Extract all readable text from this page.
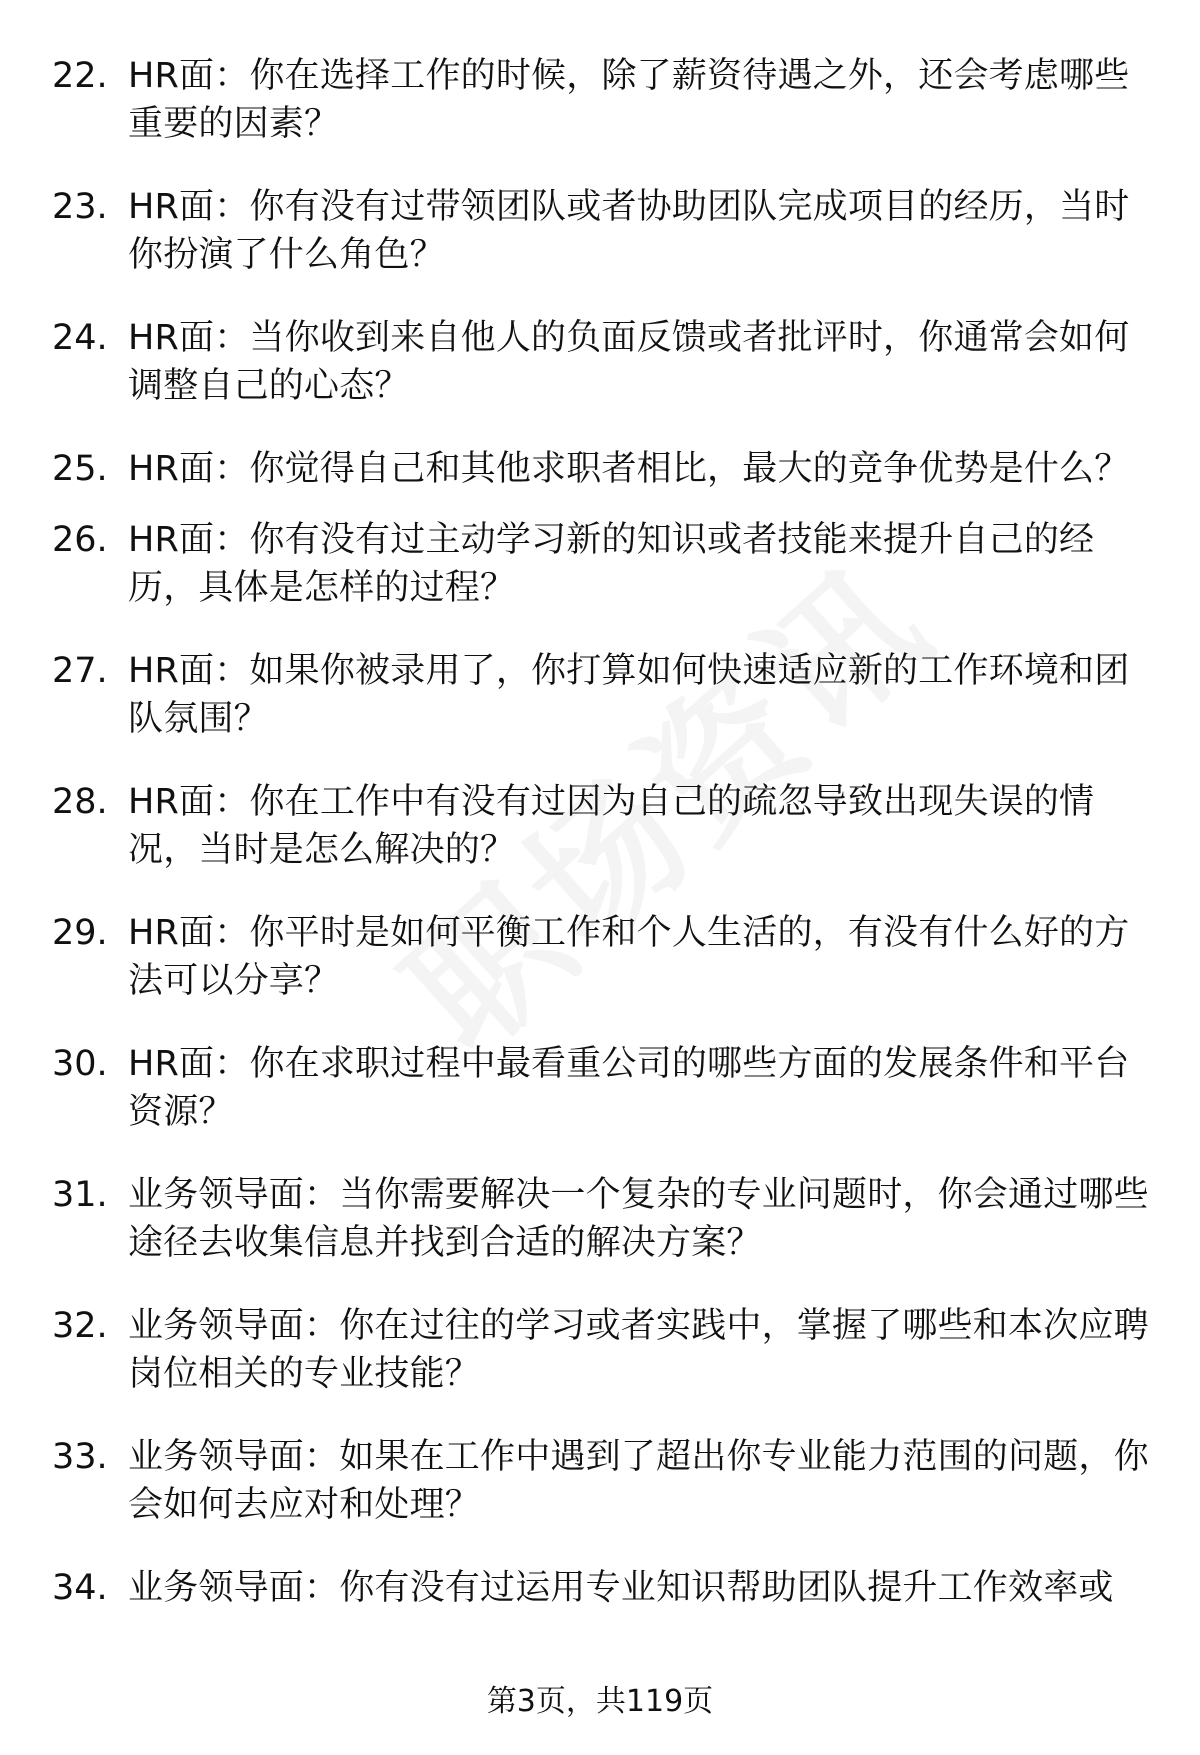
22. HR面：你在选择工作的时候，除了薪资待遇之外，还会考虑哪些重要的因素？
23. HR面：你有没有过带领团队或者协助团队完成项目的经历，当时你扮演了什么角色？
24. HR面：当你收到来自他人的负面反馈或者批评时，你通常会如何调整自己的心态？
25. HR面：你觉得自己和其他求职者相比，最大的竞争优势是什么？
26. HR面：你有没有过主动学习新的知识或者技能来提升自己的经历，具体是怎样的过程？
27. HR面：如果你被录用了，你打算如何快速适应新的工作环境和团队氛围？
28. HR面：你在工作中有没有过因为自己的疏忽导致出现失误的情况，当时是怎么解决的？
29. HR面：你平时是如何平衡工作和个人生活的，有没有什么好的方法可以分享？
30. HR面：你在求职过程中最看重公司的哪些方面的发展条件和平台资源？
31. 业务领导面：当你需要解决一个复杂的专业问题时，你会通过哪些途径去收集信息并找到合适的解决方案？
32. 业务领导面：你在过往的学习或者实践中，掌握了哪些和本次应聘岗位相关的专业技能？
33. 业务领导面：如果在工作中遇到了超出你专业能力范围的问题，你会如何去应对和处理？
34. 业务领导面：你有没有过运用专业知识帮助团队提升工作效率或
第3页，共119页
